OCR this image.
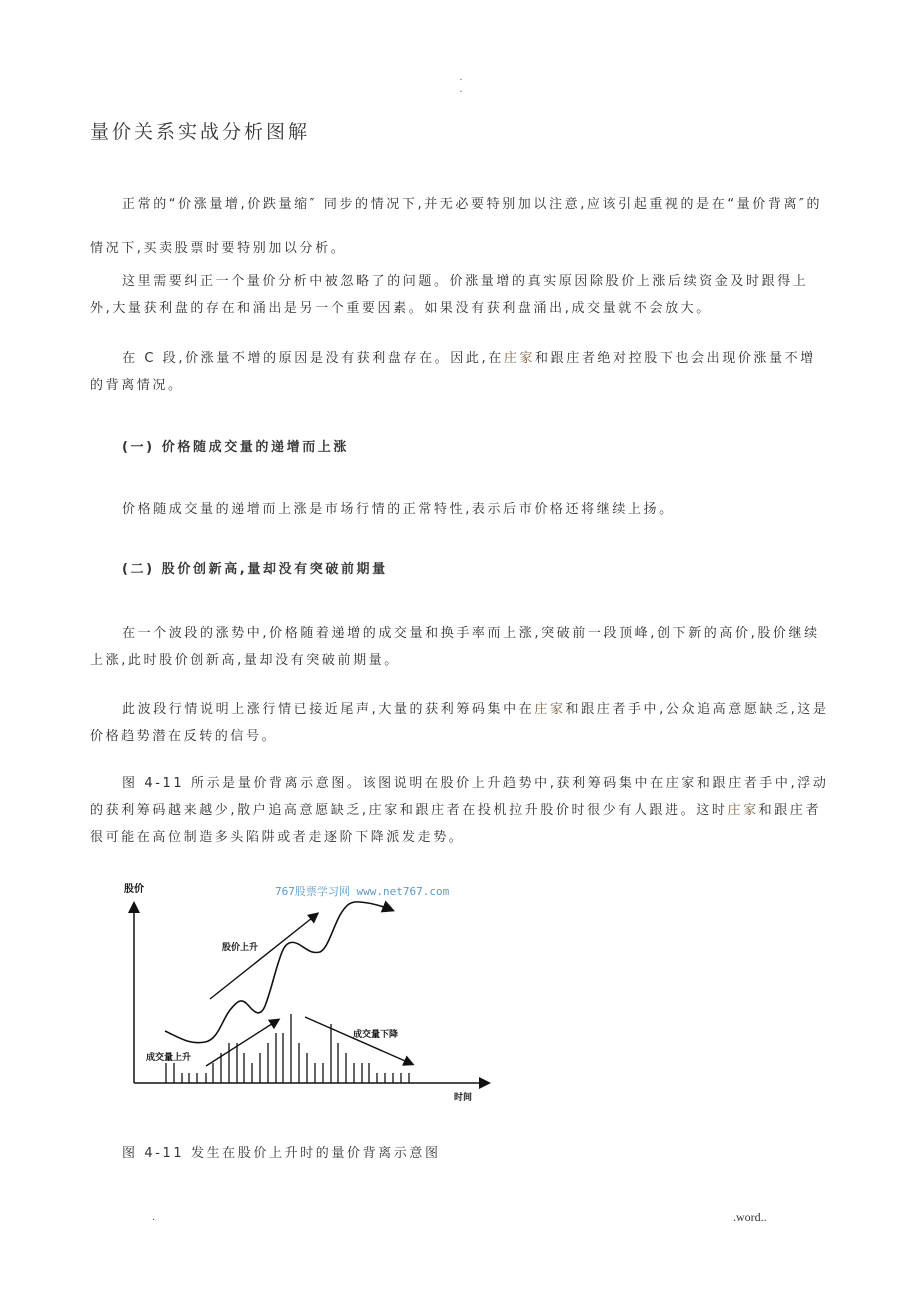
.
.
量价关系实战分析图解

正常的“价涨量增,价跌量缩″ 同步的情况下,并无必要特别加以注意,应该引起重视的是在“量价背离″的情况下,买卖股票时要特别加以分析。

这里需要纠正一个量价分析中被忽略了的问题。价涨量增的真实原因除股价上涨后续资金及时跟得上外,大量获利盘的存在和涌出是另一个重要因素。如果没有获利盘涌出,成交量就不会放大。

在 C 段,价涨量不增的原因是没有获利盘存在。因此,在庄家和跟庄者绝对控股下也会出现价涨量不增的背离情况。

(一) 价格随成交量的递增而上涨

价格随成交量的递增而上涨是市场行情的正常特性,表示后市价格还将继续上扬。

(二) 股价创新高,量却没有突破前期量

在一个波段的涨势中,价格随着递增的成交量和换手率而上涨,突破前一段顶峰,创下新的高价,股价继续上涨,此时股价创新高,量却没有突破前期量。

此波段行情说明上涨行情已接近尾声,大量的获利筹码集中在庄家和跟庄者手中,公众追高意愿缺乏,这是价格趋势潜在反转的信号。

图 4-11 所示是量价背离示意图。该图说明在股价上升趋势中,获利筹码集中在庄家和跟庄者手中,浮动的获利筹码越来越少,散户追高意愿缺乏,庄家和跟庄者在投机拉升股价时很少有人跟进。这时庄家和跟庄者很可能在高位制造多头陷阱或者走逐阶下降派发走势。

股价
时间
767股票学习网 www.net767.com
股价上升
成交量上升
成交量下降
图 4-11 发生在股价上升时的量价背离示意图
.	.word..
